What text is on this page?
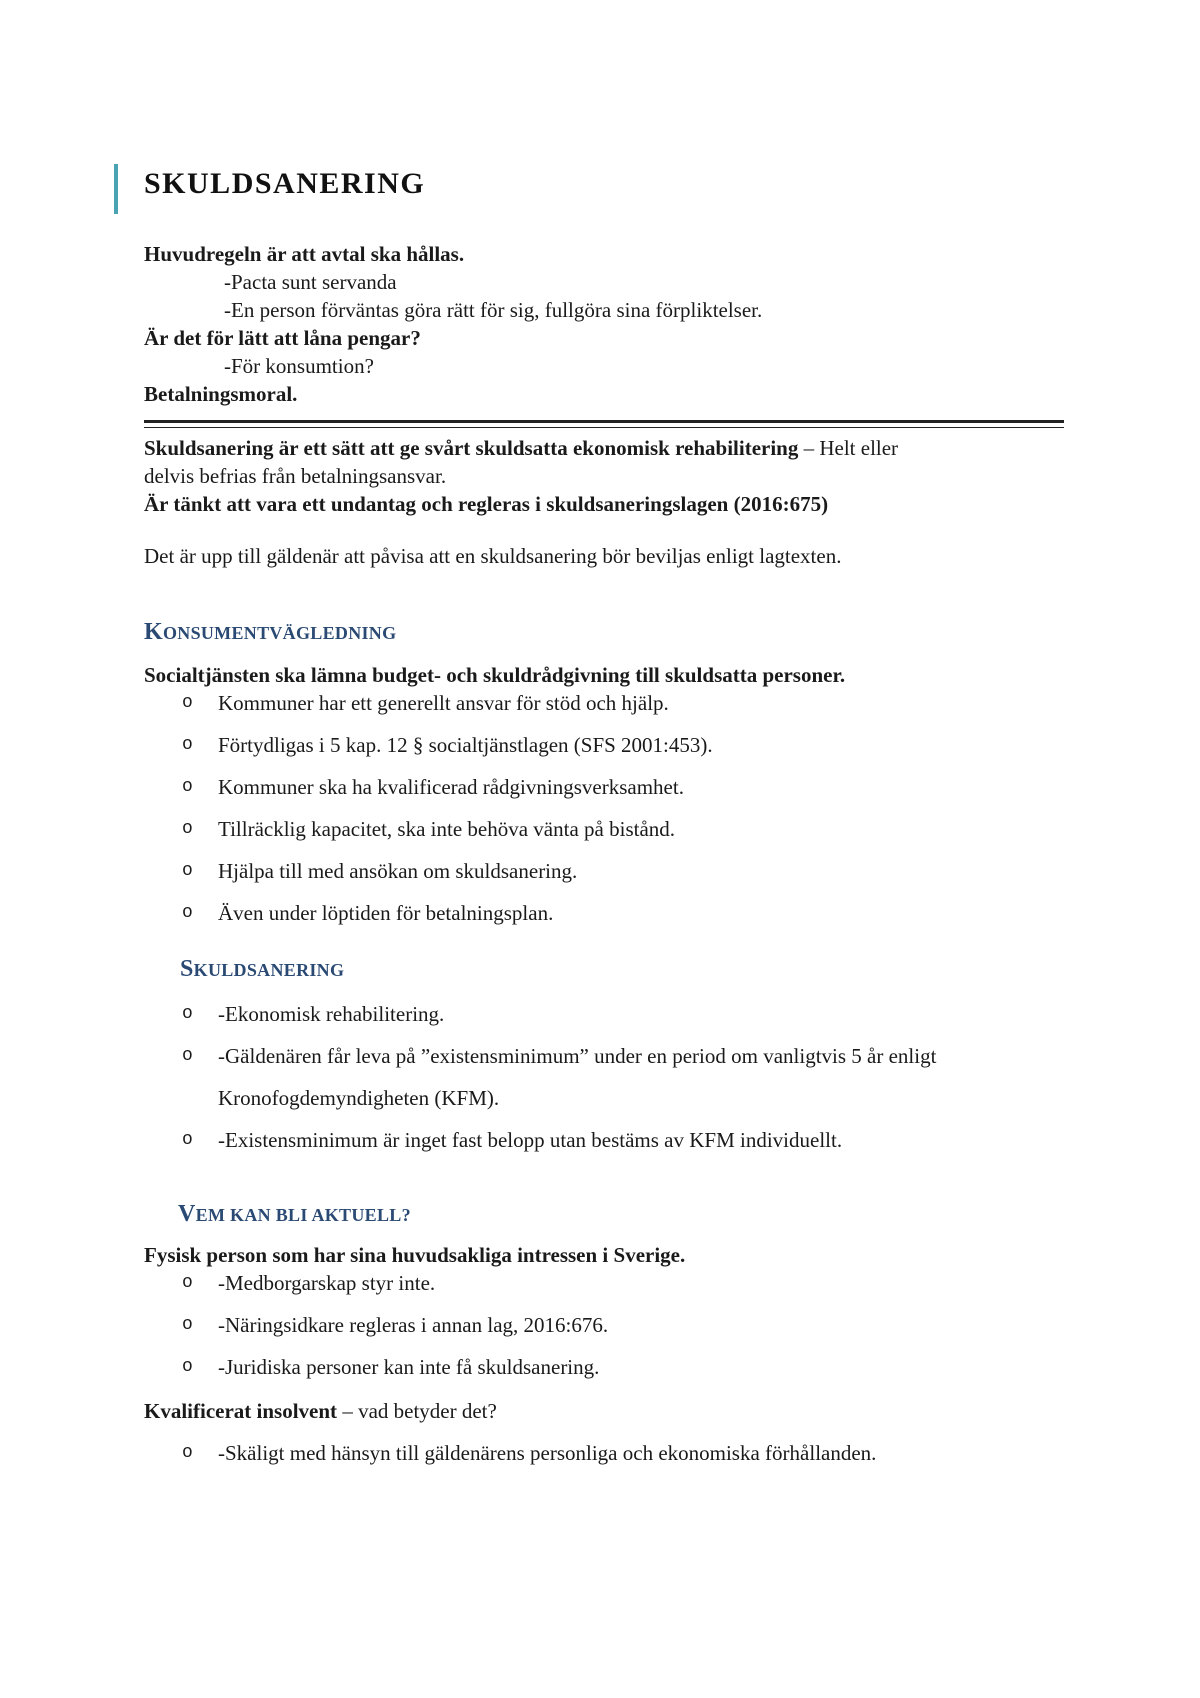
SKULDSANERING

Huvudregeln är att avtal ska hållas.

-Pacta sunt servanda

-En person förväntas göra rätt för sig, fullgöra sina förpliktelser.

Är det för lätt att låna pengar?

-För konsumtion?

Betalningsmoral.

Skuldsanering är ett sätt att ge svårt skuldsatta ekonomisk rehabilitering – Helt eller

delvis befrias från betalningsansvar.

Är tänkt att vara ett undantag och regleras i skuldsaneringslagen (2016:675)

Det är upp till gäldenär att påvisa att en skuldsanering bör beviljas enligt lagtexten.

KONSUMENTVÄGLEDNING

Socialtjänsten ska lämna budget- och skuldrådgivning till skuldsatta personer.

o Kommuner har ett generellt ansvar för stöd och hjälp.
o Förtydligas i 5 kap. 12 § socialtjänstlagen (SFS 2001:453).
o Kommuner ska ha kvalificerad rådgivningsverksamhet.
o Tillräcklig kapacitet, ska inte behöva vänta på bistånd.
o Hjälpa till med ansökan om skuldsanering.
o Även under löptiden för betalningsplan.

SKULDSANERING

o -Ekonomisk rehabilitering.
o -Gäldenären får leva på ”existensminimum” under en period om vanligtvis 5 år enligt
Kronofogdemyndigheten (KFM).
o -Existensminimum är inget fast belopp utan bestäms av KFM individuellt.

VEM KAN BLI AKTUELL?

Fysisk person som har sina huvudsakliga intressen i Sverige.

o -Medborgarskap styr inte.
o -Näringsidkare regleras i annan lag, 2016:676.
o -Juridiska personer kan inte få skuldsanering.

Kvalificerat insolvent – vad betyder det?

o -Skäligt med hänsyn till gäldenärens personliga och ekonomiska förhållanden.
